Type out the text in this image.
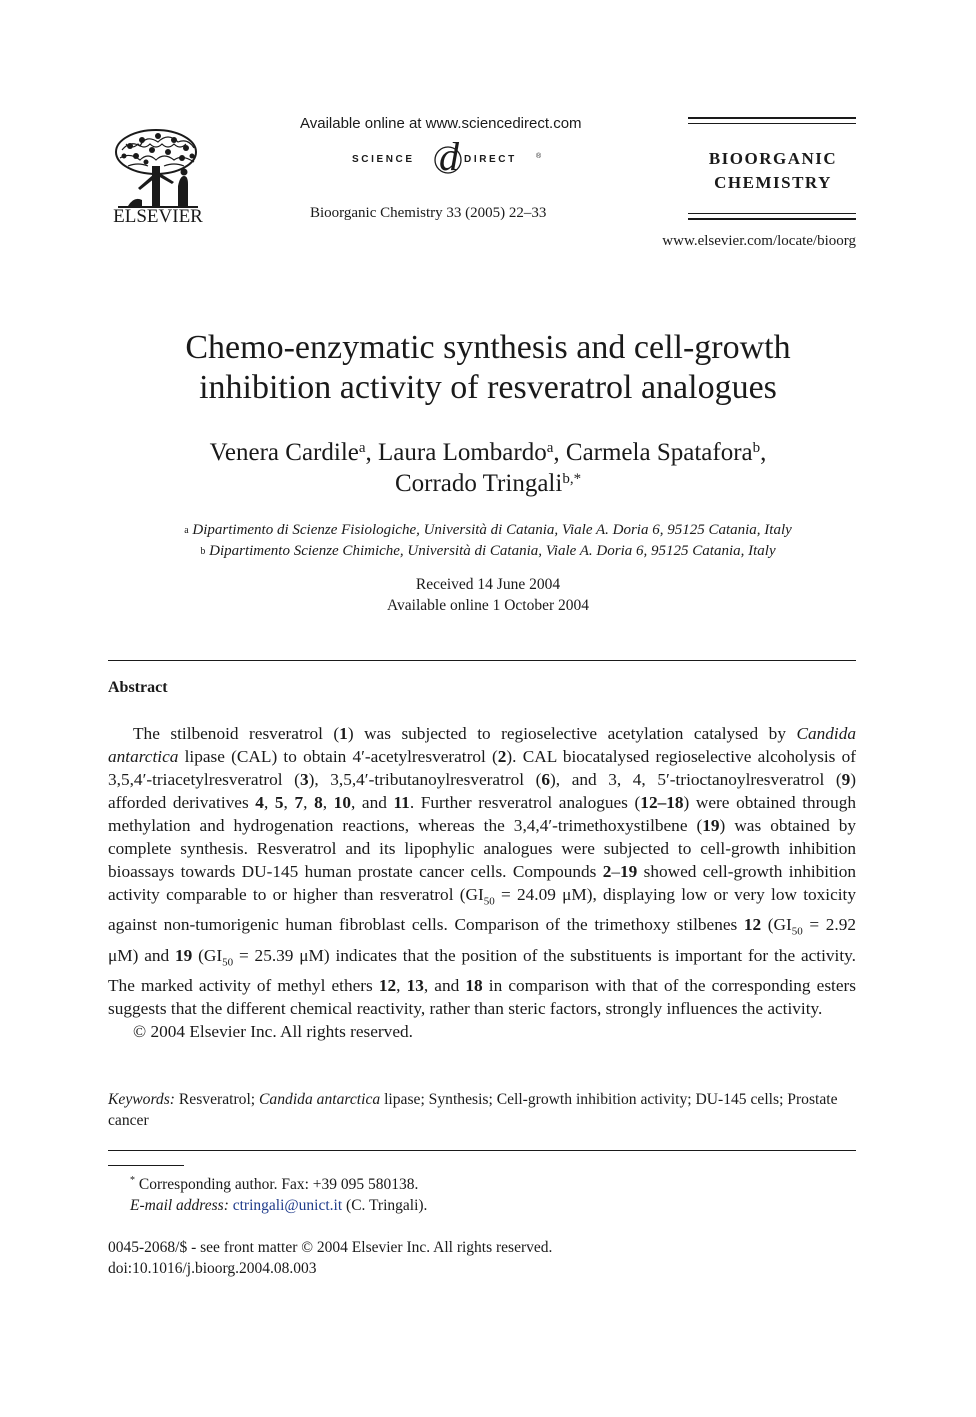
ELSEVIER
Available online at www.sciencedirect.com
SCIENCE d DIRECT	®
Bioorganic Chemistry 33 (2005) 22–33
BIOORGANIC
CHEMISTRY
www.elsevier.com/locate/bioorg
Chemo-enzymatic synthesis and cell-growth
inhibition activity of resveratrol analogues
Venera Cardile$^a$, Laura Lombardo$^a$, Carmela Spatafora$^b$,
Corrado Tringali$^{b,*}$
$^a$ Dipartimento di Scienze Fisiologiche, Università di Catania, Viale A. Doria 6, 95125 Catania, Italy
$^b$ Dipartimento Scienze Chimiche, Università di Catania, Viale A. Doria 6, 95125 Catania, Italy
Received 14 June 2004
Available online 1 October 2004
Abstract

The stilbenoid resveratrol (1) was subjected to regioselective acetylation catalysed by Candida antarctica lipase (CAL) to obtain 4′-acetylresveratrol (2). CAL biocatalysed regioselective alcoholysis of 3,5,4′-triacetylresveratrol (3), 3,5,4′-tributanoylresveratrol (6), and 3, 4, 5′-trioctanoylresveratrol (9) afforded derivatives 4, 5, 7, 8, 10, and 11. Further resveratrol analogues (12–18) were obtained through methylation and hydrogenation reactions, whereas the 3,4,4′-trimethoxystilbene (19) was obtained by complete synthesis. Resveratrol and its lipophylic analogues were subjected to cell-growth inhibition bioassays towards DU-145 human prostate cancer cells. Compounds 2–19 showed cell-growth inhibition activity comparable to or higher than resveratrol ($GI_{50} = 24.09$ μM), displaying low or very low toxicity against non-tumorigenic human fibroblast cells. Comparison of the trimethoxy stilbenes 12 ($GI_{50} = 2.92$ μM) and 19 ($GI_{50} = 25.39$ μM) indicates that the position of the substituents is important for the activity. The marked activity of methyl ethers 12, 13, and 18 in comparison with that of the corresponding esters suggests that the different chemical reactivity, rather than steric factors, strongly influences the activity.

© 2004 Elsevier Inc. All rights reserved.

Keywords: Resveratrol; Candida antarctica lipase; Synthesis; Cell-growth inhibition activity; DU-145 cells; Prostate cancer
* Corresponding author. Fax: +39 095 580138.
E-mail address: ctringali@unict.it (C. Tringali).
0045-2068/$ - see front matter © 2004 Elsevier Inc. All rights reserved.
doi:10.1016/j.bioorg.2004.08.003
